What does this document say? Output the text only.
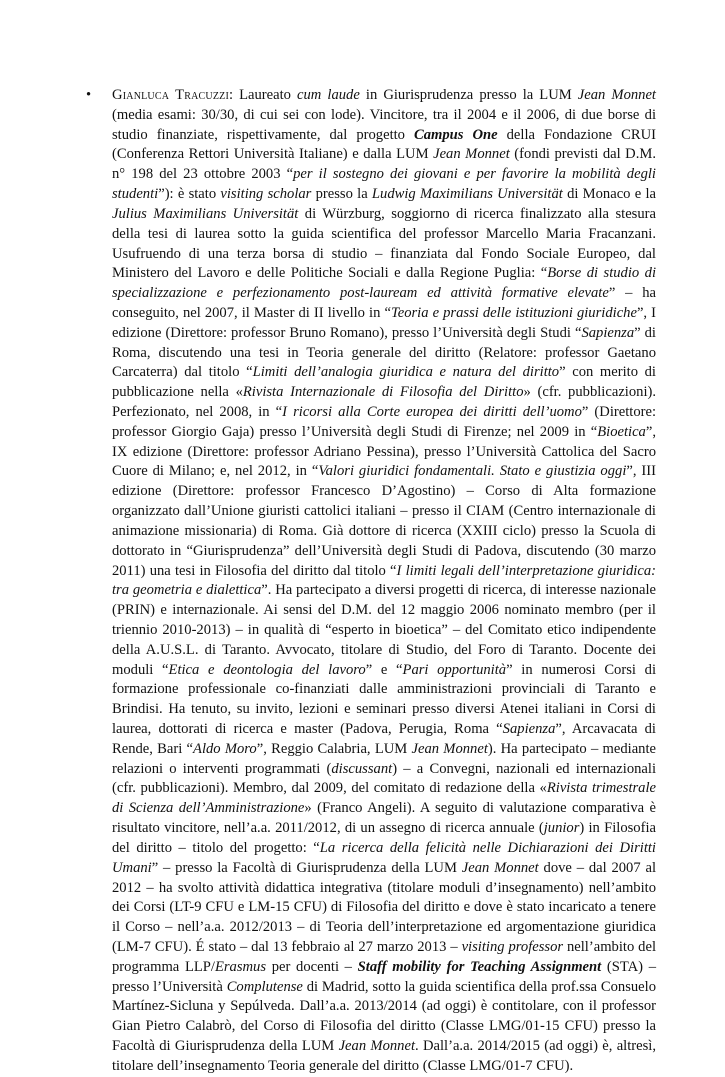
• Gianluca Tracuzzi: Laureato cum laude in Giurisprudenza presso la LUM Jean Monnet (media esami: 30/30, di cui sei con lode). Vincitore, tra il 2004 e il 2006, di due borse di studio finanziate, rispettivamente, dal progetto Campus One della Fondazione CRUI (Conferenza Rettori Università Italiane) e dalla LUM Jean Monnet (fondi previsti dal D.M. n° 198 del 23 ottobre 2003 “per il sostegno dei giovani e per favorire la mobilità degli studenti”): è stato visiting scholar presso la Ludwig Maximilians Universität di Monaco e la Julius Maximilians Universität di Würzburg, soggiorno di ricerca finalizzato alla stesura della tesi di laurea sotto la guida scientifica del professor Marcello Maria Fracanzani. Usufruendo di una terza borsa di studio – finanziata dal Fondo Sociale Europeo, dal Ministero del Lavoro e delle Politiche Sociali e dalla Regione Puglia: “Borse di studio di specializzazione e perfezionamento post-lauream ed attività formative elevate” – ha conseguito, nel 2007, il Master di II livello in “Teoria e prassi delle istituzioni giuridiche”, I edizione (Direttore: professor Bruno Romano), presso l’Università degli Studi “Sapienza” di Roma, discutendo una tesi in Teoria generale del diritto (Relatore: professor Gaetano Carcaterra) dal titolo “Limiti dell’analogia giuridica e natura del diritto” con merito di pubblicazione nella «Rivista Internazionale di Filosofia del Diritto» (cfr. pubblicazioni). Perfezionato, nel 2008, in “I ricorsi alla Corte europea dei diritti dell’uomo” (Direttore: professor Giorgio Gaja) presso l’Università degli Studi di Firenze; nel 2009 in “Bioetica”, IX edizione (Direttore: professor Adriano Pessina), presso l’Università Cattolica del Sacro Cuore di Milano; e, nel 2012, in “Valori giuridici fondamentali. Stato e giustizia oggi”, III edizione (Direttore: professor Francesco D’Agostino) – Corso di Alta formazione organizzato dall’Unione giuristi cattolici italiani – presso il CIAM (Centro internazionale di animazione missionaria) di Roma. Già dottore di ricerca (XXIII ciclo) presso la Scuola di dottorato in “Giurisprudenza” dell’Università degli Studi di Padova, discutendo (30 marzo 2011) una tesi in Filosofia del diritto dal titolo “I limiti legali dell’interpretazione giuridica: tra geometria e dialettica”. Ha partecipato a diversi progetti di ricerca, di interesse nazionale (PRIN) e internazionale. Ai sensi del D.M. del 12 maggio 2006 nominato membro (per il triennio 2010-2013) – in qualità di “esperto in bioetica” – del Comitato etico indipendente della A.U.S.L. di Taranto. Avvocato, titolare di Studio, del Foro di Taranto. Docente dei moduli “Etica e deontologia del lavoro” e “Pari opportunità” in numerosi Corsi di formazione professionale co-finanziati dalle amministrazioni provinciali di Taranto e Brindisi. Ha tenuto, su invito, lezioni e seminari presso diversi Atenei italiani in Corsi di laurea, dottorati di ricerca e master (Padova, Perugia, Roma “Sapienza”, Arcavacata di Rende, Bari “Aldo Moro”, Reggio Calabria, LUM Jean Monnet). Ha partecipato – mediante relazioni o interventi programmati (discussant) – a Convegni, nazionali ed internazionali (cfr. pubblicazioni). Membro, dal 2009, del comitato di redazione della «Rivista trimestrale di Scienza dell’Amministrazione» (Franco Angeli). A seguito di valutazione comparativa è risultato vincitore, nell’a.a. 2011/2012, di un assegno di ricerca annuale (junior) in Filosofia del diritto – titolo del progetto: “La ricerca della felicità nelle Dichiarazioni dei Diritti Umani” – presso la Facoltà di Giurisprudenza della LUM Jean Monnet dove – dal 2007 al 2012 – ha svolto attività didattica integrativa (titolare moduli d’insegnamento) nell’ambito dei Corsi (LT-9 CFU e LM-15 CFU) di Filosofia del diritto e dove è stato incaricato a tenere il Corso – nell’a.a. 2012/2013 – di Teoria dell’interpretazione ed argomentazione giuridica (LM-7 CFU). É stato – dal 13 febbraio al 27 marzo 2013 – visiting professor nell’ambito del programma LLP/Erasmus per docenti – Staff mobility for Teaching Assignment (STA) – presso l’Università Complutense di Madrid, sotto la guida scientifica della prof.ssa Consuelo Martínez-Sicluna y Sepúlveda. Dall’a.a. 2013/2014 (ad oggi) è contitolare, con il professor Gian Pietro Calabrò, del Corso di Filosofia del diritto (Classe LMG/01-15 CFU) presso la Facoltà di Giurisprudenza della LUM Jean Monnet. Dall’a.a. 2014/2015 (ad oggi) è, altresì, titolare dell’insegnamento Teoria generale del diritto (Classe LMG/01-7 CFU).
